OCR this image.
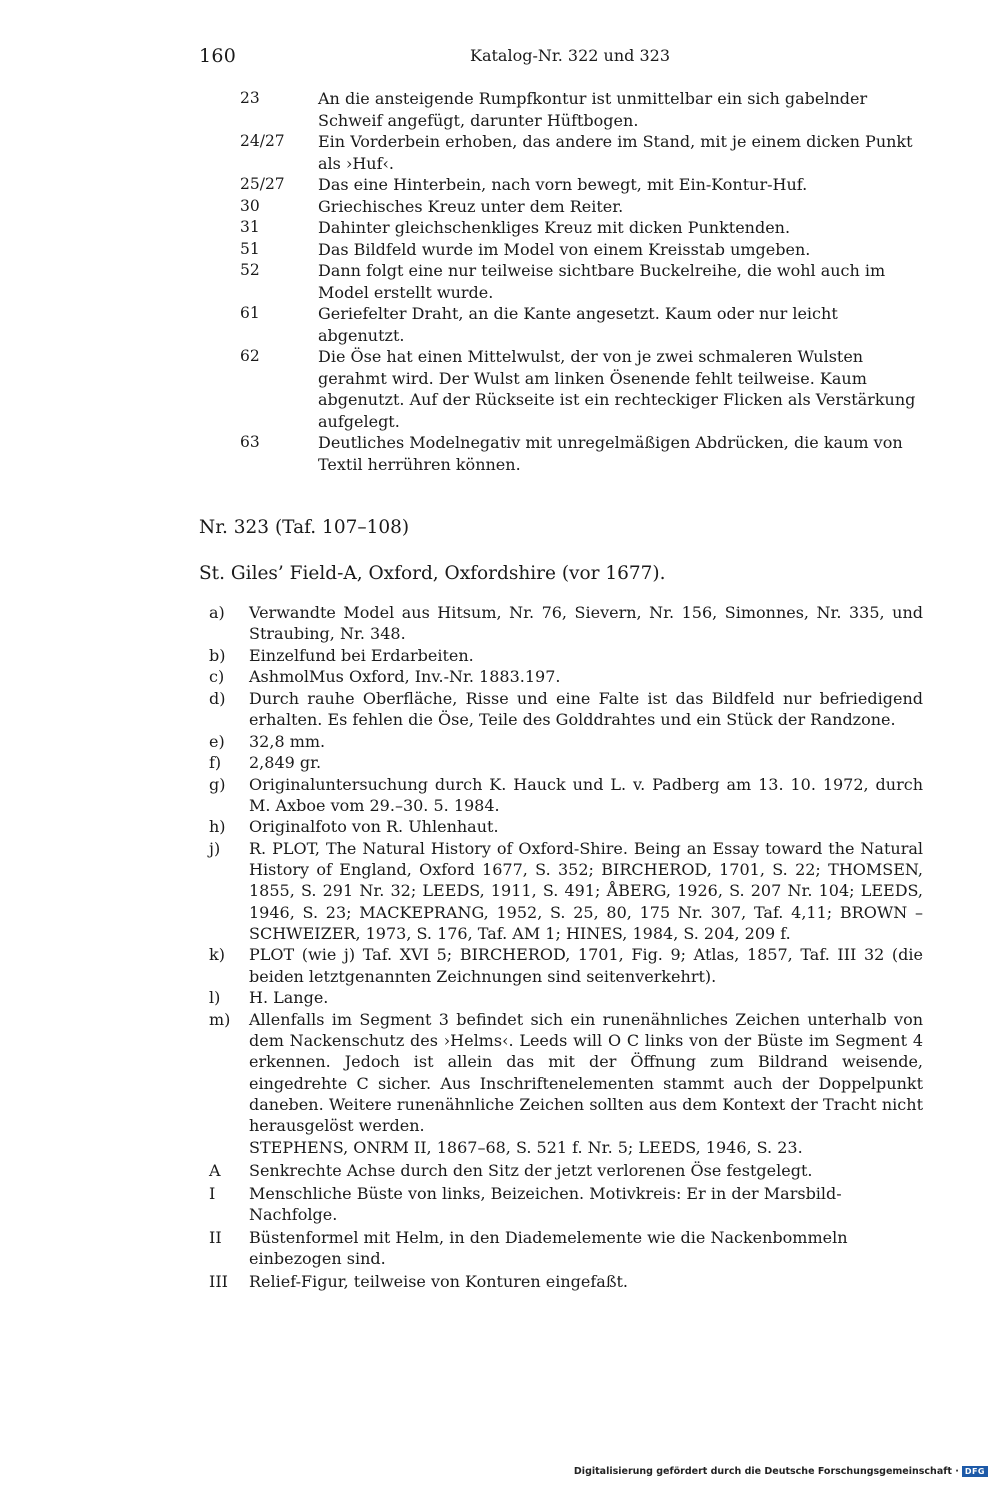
160	Katalog-Nr. 322 und 323
23	An die ansteigende Rumpfkontur ist unmittelbar ein sich gabelnder Schweif angefügt, darunter Hüftbogen.
24/27	Ein Vorderbein erhoben, das andere im Stand, mit je einem dicken Punkt als ›Huf‹.
25/27	Das eine Hinterbein, nach vorn bewegt, mit Ein-Kontur-Huf.
30	Griechisches Kreuz unter dem Reiter.
31	Dahinter gleichschenkliges Kreuz mit dicken Punktenden.
51	Das Bildfeld wurde im Model von einem Kreisstab umgeben.
52	Dann folgt eine nur teilweise sichtbare Buckelreihe, die wohl auch im Model erstellt wurde.
61	Geriefelter Draht, an die Kante angesetzt. Kaum oder nur leicht abgenutzt.
62	Die Öse hat einen Mittelwulst, der von je zwei schmaleren Wulsten gerahmt wird. Der Wulst am linken Ösenende fehlt teilweise. Kaum abgenutzt. Auf der Rückseite ist ein rechteckiger Flicken als Verstärkung aufgelegt.
63	Deutliches Modelnegativ mit unregelmäßigen Abdrücken, die kaum von Textil herrühren können.
Nr. 323 (Taf. 107–108)
St. Giles’ Field-A, Oxford, Oxfordshire (vor 1677).
a)	Verwandte Model aus Hitsum, Nr. 76, Sievern, Nr. 156, Simonnes, Nr. 335, und Straubing, Nr. 348.
b)	Einzelfund bei Erdarbeiten.
c)	AshmolMus Oxford, Inv.-Nr. 1883.197.
d)	Durch rauhe Oberfläche, Risse und eine Falte ist das Bildfeld nur befriedigend erhalten. Es fehlen die Öse, Teile des Golddrahtes und ein Stück der Randzone.
e)	32,8 mm.
f)	2,849 gr.
g)	Originaluntersuchung durch K. Hauck und L. v. Padberg am 13. 10. 1972, durch M. Axboe vom 29.–30. 5. 1984.
h)	Originalfoto von R. Uhlenhaut.
j)	R. PLOT, The Natural History of Oxford-Shire. Being an Essay toward the Natural History of England, Oxford 1677, S. 352; BIRCHEROD, 1701, S. 22; THOMSEN, 1855, S. 291 Nr. 32; LEEDS, 1911, S. 491; ÅBERG, 1926, S. 207 Nr. 104; LEEDS, 1946, S. 23; MACKEPRANG, 1952, S. 25, 80, 175 Nr. 307, Taf. 4,11; BROWN – SCHWEIZER, 1973, S. 176, Taf. AM 1; HINES, 1984, S. 204, 209 f.
k)	PLOT (wie j) Taf. XVI 5; BIRCHEROD, 1701, Fig. 9; Atlas, 1857, Taf. III 32 (die beiden letztgenannten Zeichnungen sind seitenverkehrt).
l)	H. Lange.
m)	Allenfalls im Segment 3 befindet sich ein runenähnliches Zeichen unterhalb von dem Nackenschutz des ›Helms‹. Leeds will O C links von der Büste im Segment 4 erkennen. Jedoch ist allein das mit der Öffnung zum Bildrand weisende, eingedrehte C sicher. Aus Inschriftenelementen stammt auch der Doppelpunkt daneben. Weitere runenähnliche Zeichen sollten aus dem Kontext der Tracht nicht herausgelöst werden.
STEPHENS, ONRM II, 1867–68, S. 521 f. Nr. 5; LEEDS, 1946, S. 23.
A	Senkrechte Achse durch den Sitz der jetzt verlorenen Öse festgelegt.
I	Menschliche Büste von links, Beizeichen. Motivkreis: Er in der Marsbild-Nachfolge.
II	Büstenformel mit Helm, in den Diademelemente wie die Nackenbommeln einbezogen sind.
III	Relief-Figur, teilweise von Konturen eingefaßt.
Digitalisierung gefördert durch die Deutsche Forschungsgemeinschaft · DFG
